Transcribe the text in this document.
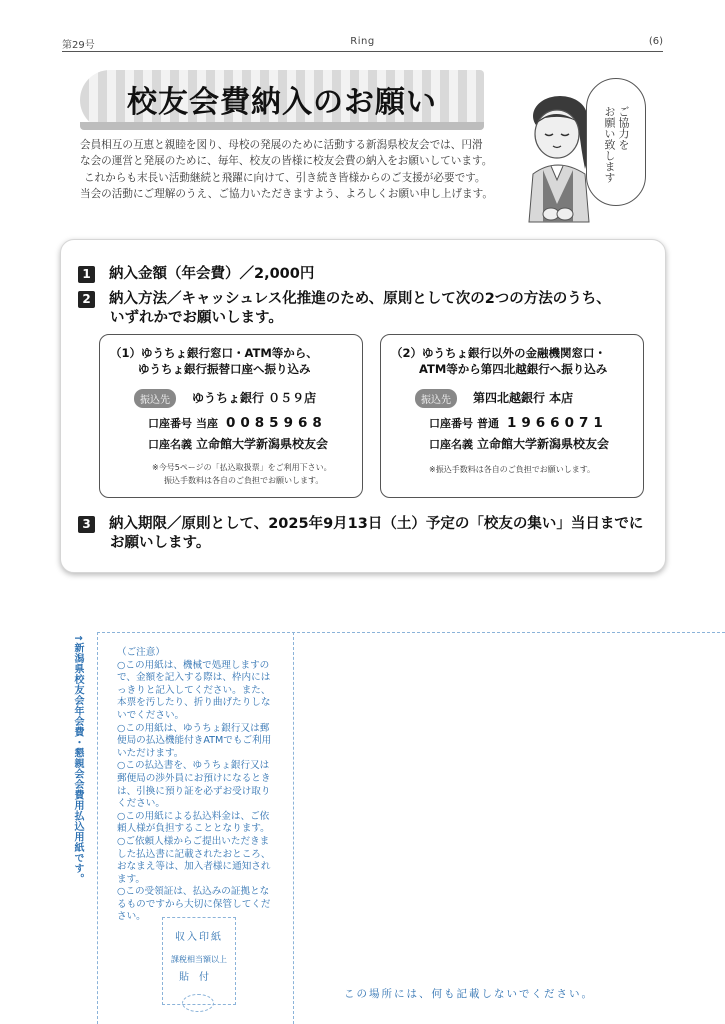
第29号	Ring	(6)
校友会費納入のお願い

会員相互の互恵と親睦を図り、母校の発展のために活動する新潟県校友会では、円滑

な会の運営と発展のために、毎年、校友の皆様に校友会費の納入をお願いしています。

これからも末長い活動継続と飛躍に向けて、引き続き皆様からのご支援が必要です。

当会の活動にご理解のうえ、ご協力いただきますよう、よろしくお願い申し上げます。

ご協力を
お願い致します
1 納入金額（年会費）／2,000円
2 納入方法／キャッシュレス化推進のため、原則として次の2つの方法のうち、
いずれかでお願いします。
（1）ゆうちょ銀行窓口・ATM等から、
ゆうちょ銀行振替口座へ振り込み
振込先	ゆうちょ銀行 ０５９店
口座番号 当座 0085968
口座名義 立命館大学新潟県校友会
※今号5ページの「払込取扱票」をご利用下さい。
振込手数料は各自のご負担でお願いします。
（2）ゆうちょ銀行以外の金融機関窓口・
ATM等から第四北越銀行へ振り込み
振込先	第四北越銀行 本店
口座番号 普通 1966071
口座名義 立命館大学新潟県校友会
※振込手数料は各自のご負担でお願いします。
3 納入期限／原則として、2025年9月13日（土）予定の「校友の集い」当日までに
お願いします。
↑新潟県校友会年会費・懇親会会費用払込用紙です。	（ご注意）

○この用紙は、機械で処理しますので、金額を記入する際は、枠内にはっきりと記入してください。また、本票を汚したり、折り曲げたりしないでください。

○この用紙は、ゆうちょ銀行又は郵便局の払込機能付きATMでもご利用いただけます。

○この払込書を、ゆうちょ銀行又は郵便局の渉外員にお預けになるときは、引換に預り証を必ずお受け取りください。

○この用紙による払込料金は、ご依頼人様が負担することとなります。

○ご依頼人様からご提出いただきました払込書に記載されたおところ、おなまえ等は、加入者様に通知されます。

○この受領証は、払込みの証拠となるものですから大切に保管してください。

収入印紙
課税相当額以上
貼付
この場所には、何も記載しないでください。
